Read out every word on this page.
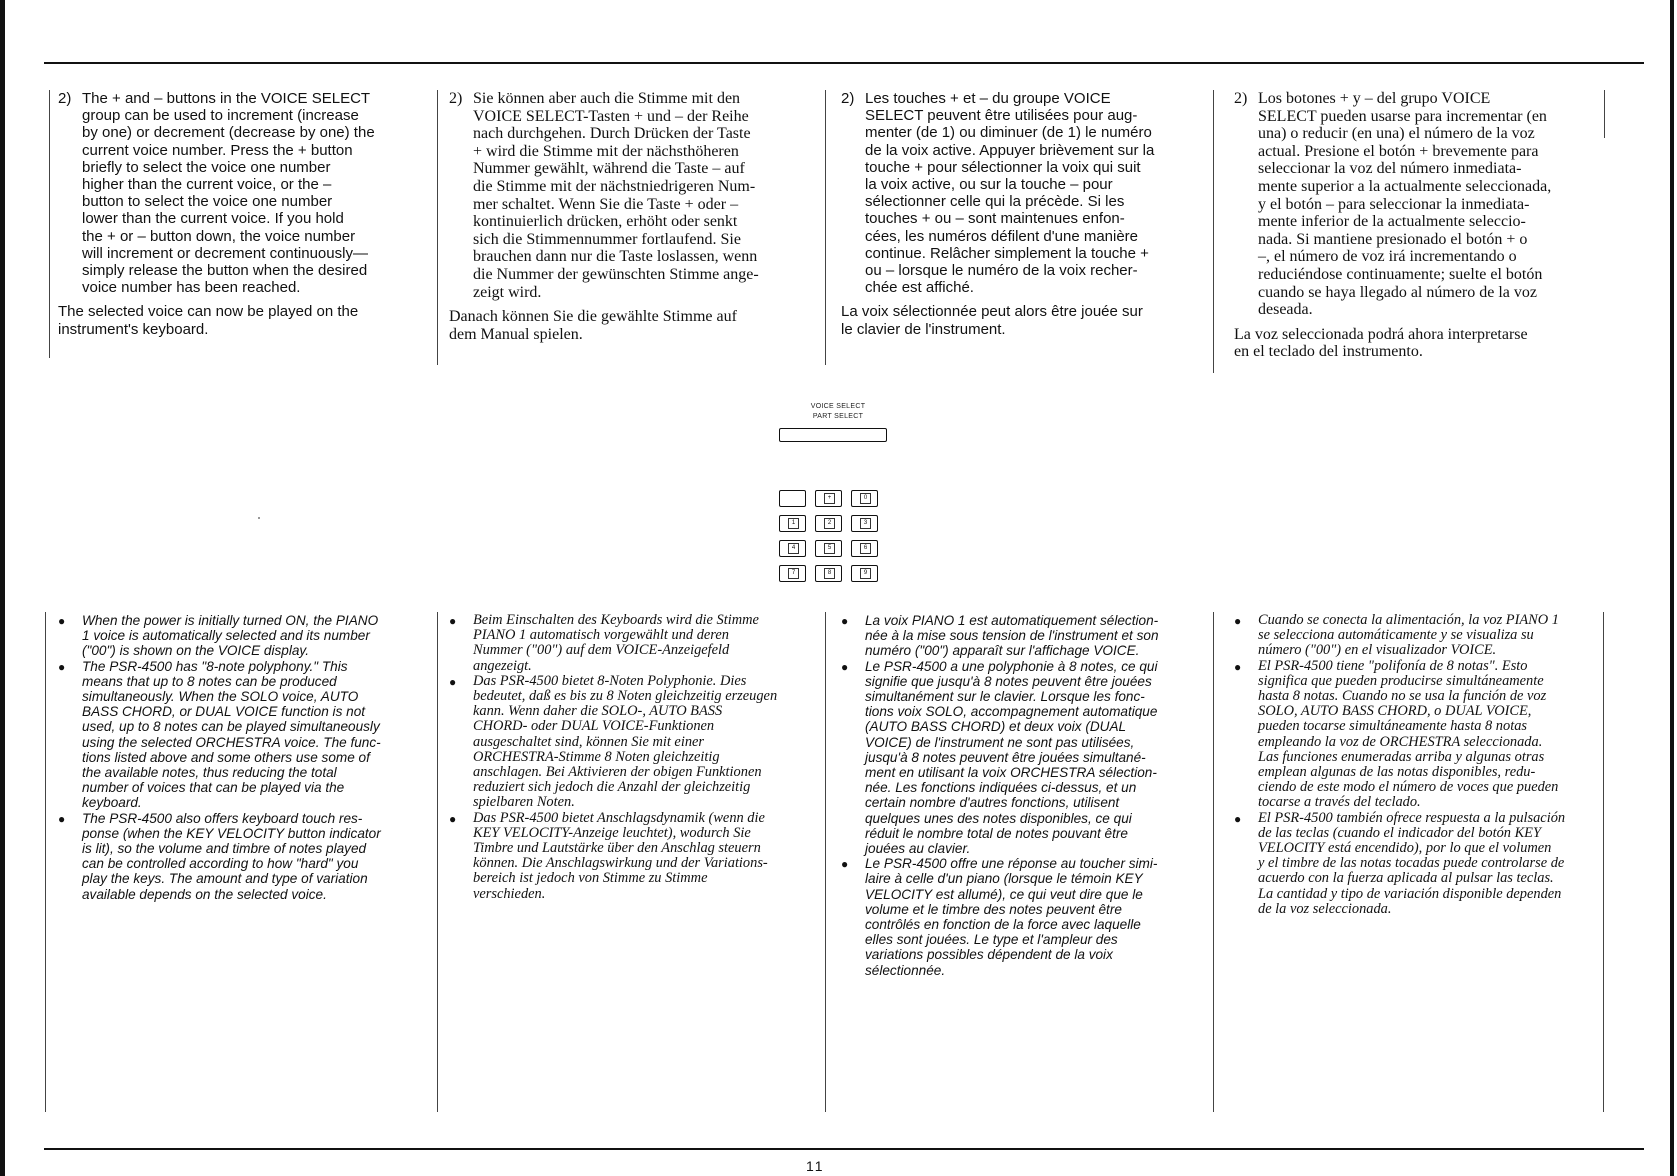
2) The + and – buttons in the VOICE SELECT
group can be used to increment (increase
by one) or decrement (decrease by one) the
current voice number. Press the + button
briefly to select the voice one number
higher than the current voice, or the –
button to select the voice one number
lower than the current voice. If you hold
the + or – button down, the voice number
will increment or decrement continuously—
simply release the button when the desired
voice number has been reached.
The selected voice can now be played on the
instrument's keyboard.
●	When the power is initially turned ON, the PIANO
1 voice is automatically selected and its number
("00") is shown on the VOICE display.
●	The PSR-4500 has "8-note polyphony." This
means that up to 8 notes can be produced
simultaneously. When the SOLO voice, AUTO
BASS CHORD, or DUAL VOICE function is not
used, up to 8 notes can be played simultaneously
using the selected ORCHESTRA voice. The func-
tions listed above and some others use some of
the available notes, thus reducing the total
number of voices that can be played via the
keyboard.
●	The PSR-4500 also offers keyboard touch res-
ponse (when the KEY VELOCITY button indicator
is lit), so the volume and timbre of notes played
can be controlled according to how "hard" you
play the keys. The amount and type of variation
available depends on the selected voice.
2) Sie können aber auch die Stimme mit den
VOICE SELECT-Tasten + und – der Reihe
nach durchgehen. Durch Drücken der Taste
+ wird die Stimme mit der nächsthöheren
Nummer gewählt, während die Taste – auf
die Stimme mit der nächstniedrigeren Num-
mer schaltet. Wenn Sie die Taste + oder –
kontinuierlich drücken, erhöht oder senkt
sich die Stimmennummer fortlaufend. Sie
brauchen dann nur die Taste loslassen, wenn
die Nummer der gewünschten Stimme ange-
zeigt wird.
Danach können Sie die gewählte Stimme auf
dem Manual spielen.
●	Beim Einschalten des Keyboards wird die Stimme
PIANO 1 automatisch vorgewählt und deren
Nummer ("00") auf dem VOICE-Anzeigefeld
angezeigt.
●	Das PSR-4500 bietet 8-Noten Polyphonie. Dies
bedeutet, daß es bis zu 8 Noten gleichzeitig erzeugen
kann. Wenn daher die SOLO-, AUTO BASS
CHORD- oder DUAL VOICE-Funktionen
ausgeschaltet sind, können Sie mit einer
ORCHESTRA-Stimme 8 Noten gleichzeitig
anschlagen. Bei Aktivieren der obigen Funktionen
reduziert sich jedoch die Anzahl der gleichzeitig
spielbaren Noten.
●	Das PSR-4500 bietet Anschlagsdynamik (wenn die
KEY VELOCITY-Anzeige leuchtet), wodurch Sie
Timbre und Lautstärke über den Anschlag steuern
können. Die Anschlagswirkung und der Variations-
bereich ist jedoch von Stimme zu Stimme
verschieden.
2) Les touches + et – du groupe VOICE
SELECT peuvent être utilisées pour aug-
menter (de 1) ou diminuer (de 1) le numéro
de la voix active. Appuyer brièvement sur la
touche + pour sélectionner la voix qui suit
la voix active, ou sur la touche – pour
sélectionner celle qui la précède. Si les
touches + ou – sont maintenues enfon-
cées, les numéros défilent d'une manière
continue. Relâcher simplement la touche +
ou – lorsque le numéro de la voix recher-
chée est affiché.
La voix sélectionnée peut alors être jouée sur
le clavier de l'instrument.
●	La voix PIANO 1 est automatiquement sélection-
née à la mise sous tension de l'instrument et son
numéro ("00") apparaît sur l'affichage VOICE.
●	Le PSR-4500 a une polyphonie à 8 notes, ce qui
signifie que jusqu'à 8 notes peuvent être jouées
simultanément sur le clavier. Lorsque les fonc-
tions voix SOLO, accompagnement automatique
(AUTO BASS CHORD) et deux voix (DUAL
VOICE) de l'instrument ne sont pas utilisées,
jusqu'à 8 notes peuvent être jouées simultané-
ment en utilisant la voix ORCHESTRA sélection-
née. Les fonctions indiquées ci-dessus, et un
certain nombre d'autres fonctions, utilisent
quelques unes des notes disponibles, ce qui
réduit le nombre total de notes pouvant être
jouées au clavier.
●	Le PSR-4500 offre une réponse au toucher simi-
laire à celle d'un piano (lorsque le témoin KEY
VELOCITY est allumé), ce qui veut dire que le
volume et le timbre des notes peuvent être
contrôlés en fonction de la force avec laquelle
elles sont jouées. Le type et l'ampleur des
variations possibles dépendent de la voix
sélectionnée.
2) Los botones + y – del grupo VOICE
SELECT pueden usarse para incrementar (en
una) o reducir (en una) el número de la voz
actual. Presione el botón + brevemente para
seleccionar la voz del número inmediata-
mente superior a la actualmente seleccionada,
y el botón – para seleccionar la inmediata-
mente inferior de la actualmente seleccio-
nada. Si mantiene presionado el botón + o
–, el número de voz irá incrementando o
reduciéndose continuamente; suelte el botón
cuando se haya llegado al número de la voz
deseada.
La voz seleccionada podrá ahora interpretarse
en el teclado del instrumento.
●	Cuando se conecta la alimentación, la voz PIANO 1
se selecciona automáticamente y se visualiza su
número ("00") en el visualizador VOICE.
●	El PSR-4500 tiene "polifonía de 8 notas". Esto
significa que pueden producirse simultáneamente
hasta 8 notas. Cuando no se usa la función de voz
SOLO, AUTO BASS CHORD, o DUAL VOICE,
pueden tocarse simultáneamente hasta 8 notas
empleando la voz de ORCHESTRA seleccionada.
Las funciones enumeradas arriba y algunas otras
emplean algunas de las notas disponibles, redu-
ciendo de este modo el número de voces que pueden
tocarse a través del teclado.
●	El PSR-4500 también ofrece respuesta a la pulsación
de las teclas (cuando el indicador del botón KEY
VELOCITY está encendido), por lo que el volumen
y el timbre de las notas tocadas puede controlarse de
acuerdo con la fuerza aplicada al pulsar las teclas.
La cantidad y tipo de variación disponible dependen
de la voz seleccionada.
VOICE SELECT
PART SELECT
+	0
1	2	3
4	5	6
7	8	9
11
